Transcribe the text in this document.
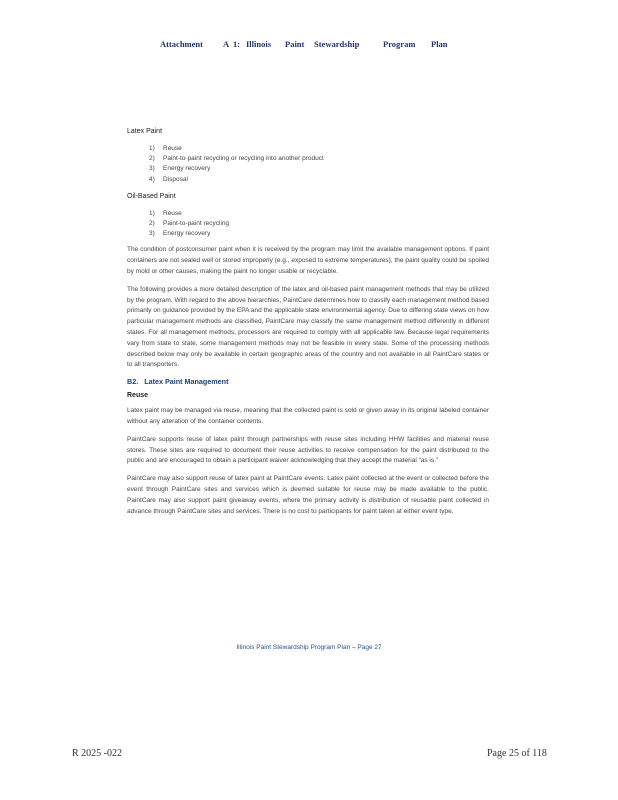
Attachment A 1: Illinois Paint Stewardship	Program Plan
Latex Paint
1) Reuse
2) Paint-to-paint recycling or recycling into another product
3) Energy recovery
4) Disposal
Oil-Based Paint
1) Reuse
2) Paint-to-paint recycling
3) Energy recovery

The condition of postconsumer paint when it is received by the program may limit the available management options. If paint containers are not sealed well or stored improperly (e.g., exposed to extreme temperatures), the paint quality could be spoiled by mold or other causes, making the paint no longer usable or recyclable.

The following provides a more detailed description of the latex and oil-based paint management methods that may be utilized by the program. With regard to the above hierarchies, PaintCare determines how to classify each management method based primarily on guidance provided by the EPA and the applicable state environmental agency. Due to differing state views on how particular management methods are classified, PaintCare may classify the same management method differently in different states. For all management methods, processors are required to comply with all applicable law. Because legal requirements vary from state to state, some management methods may not be feasible in every state. Some of the processing methods described below may only be available in certain geographic areas of the country and not available in all PaintCare states or to all transporters.

B2. Latex Paint Management
Reuse

Latex paint may be managed via reuse, meaning that the collected paint is sold or given away in its original labeled container without any alteration of the container contents.

PaintCare supports reuse of latex paint through partnerships with reuse sites including HHW facilities and material reuse stores. These sites are required to document their reuse activities to receive compensation for the paint distributed to the public and are encouraged to obtain a participant waiver acknowledging that they accept the material “as is.”

PaintCare may also support reuse of latex paint at PaintCare events. Latex paint collected at the event or collected before the event through PaintCare sites and services which is deemed suitable for reuse may be made available to the public. PaintCare may also support paint giveaway events, where the primary activity is distribution of reusable paint collected in advance through PaintCare sites and services. There is no cost to participants for paint taken at either event type.

Illinois Paint Stewardship Program Plan – Page 27
R 2025 -022	Page 25 of 118
